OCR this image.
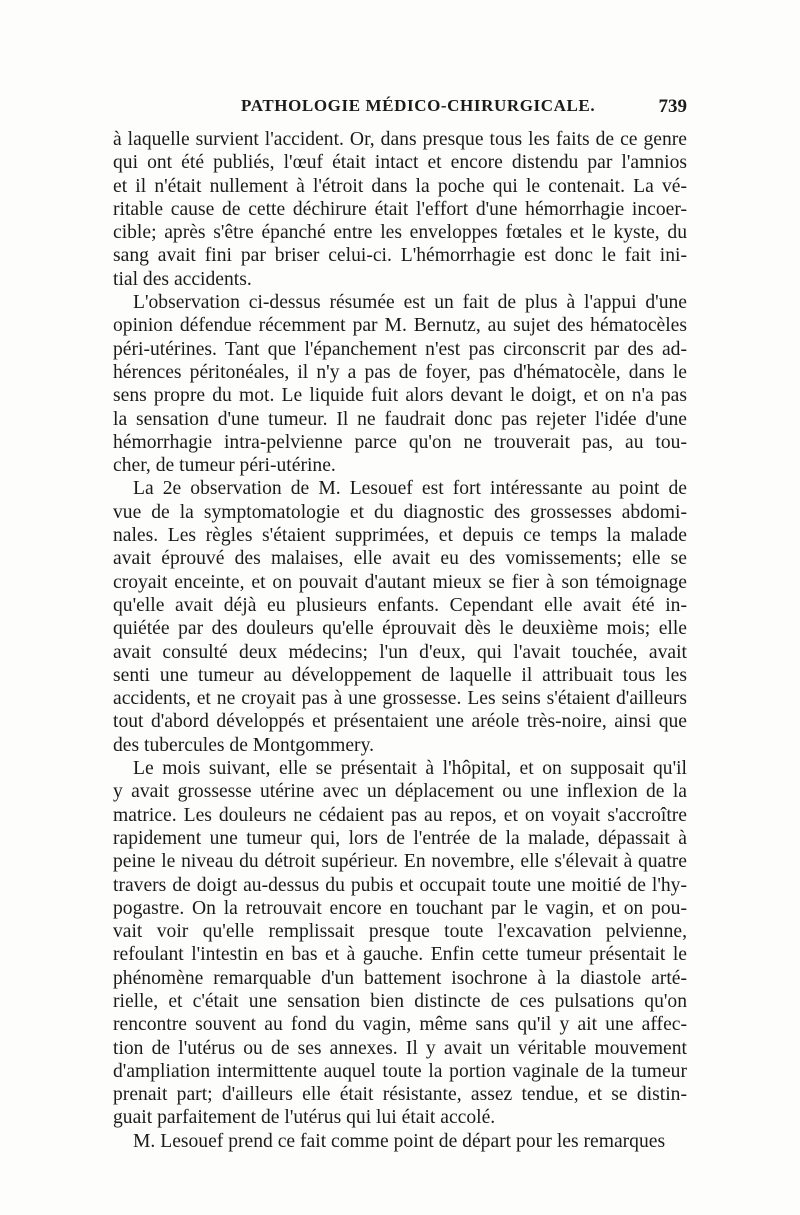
PATHOLOGIE MÉDICO-CHIRURGICALE.	739
à laquelle survient l'accident. Or, dans presque tous les faits de ce genre
qui ont été publiés, l'œuf était intact et encore distendu par l'amnios
et il n'était nullement à l'étroit dans la poche qui le contenait. La vé-
ritable cause de cette déchirure était l'effort d'une hémorrhagie incoer-
cible; après s'être épanché entre les enveloppes fœtales et le kyste, du
sang avait fini par briser celui-ci. L'hémorrhagie est donc le fait ini-
tial des accidents.
L'observation ci-dessus résumée est un fait de plus à l'appui d'une
opinion défendue récemment par M. Bernutz, au sujet des hématocèles
péri-utérines. Tant que l'épanchement n'est pas circonscrit par des ad-
hérences péritonéales, il n'y a pas de foyer, pas d'hématocèle, dans le
sens propre du mot. Le liquide fuit alors devant le doigt, et on n'a pas
la sensation d'une tumeur. Il ne faudrait donc pas rejeter l'idée d'une
hémorrhagie intra-pelvienne parce qu'on ne trouverait pas, au tou-
cher, de tumeur péri-utérine.
La 2e observation de M. Lesouef est fort intéressante au point de
vue de la symptomatologie et du diagnostic des grossesses abdomi-
nales. Les règles s'étaient supprimées, et depuis ce temps la malade
avait éprouvé des malaises, elle avait eu des vomissements; elle se
croyait enceinte, et on pouvait d'autant mieux se fier à son témoignage
qu'elle avait déjà eu plusieurs enfants. Cependant elle avait été in-
quiétée par des douleurs qu'elle éprouvait dès le deuxième mois; elle
avait consulté deux médecins; l'un d'eux, qui l'avait touchée, avait
senti une tumeur au développement de laquelle il attribuait tous les
accidents, et ne croyait pas à une grossesse. Les seins s'étaient d'ailleurs
tout d'abord développés et présentaient une aréole très-noire, ainsi que
des tubercules de Montgommery.
Le mois suivant, elle se présentait à l'hôpital, et on supposait qu'il
y avait grossesse utérine avec un déplacement ou une inflexion de la
matrice. Les douleurs ne cédaient pas au repos, et on voyait s'accroître
rapidement une tumeur qui, lors de l'entrée de la malade, dépassait à
peine le niveau du détroit supérieur. En novembre, elle s'élevait à quatre
travers de doigt au-dessus du pubis et occupait toute une moitié de l'hy-
pogastre. On la retrouvait encore en touchant par le vagin, et on pou-
vait voir qu'elle remplissait presque toute l'excavation pelvienne,
refoulant l'intestin en bas et à gauche. Enfin cette tumeur présentait le
phénomène remarquable d'un battement isochrone à la diastole arté-
rielle, et c'était une sensation bien distincte de ces pulsations qu'on
rencontre souvent au fond du vagin, même sans qu'il y ait une affec-
tion de l'utérus ou de ses annexes. Il y avait un véritable mouvement
d'ampliation intermittente auquel toute la portion vaginale de la tumeur
prenait part; d'ailleurs elle était résistante, assez tendue, et se distin-
guait parfaitement de l'utérus qui lui était accolé.
M. Lesouef prend ce fait comme point de départ pour les remarques
